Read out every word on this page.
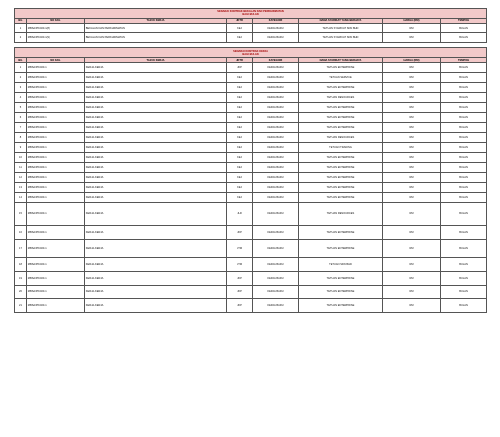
SENARAI KONTRAK BEKALAN DAN PERKHIDMATAN
BAGI BULAN							
BIL	NO FAIL	TAJUK KERJA	JKTR	KATEGORI	NAMA SYARIKAT YANG BERJAYA	HARGA (RM)	TEMPOH
1	MBSA/PK/400-1(8)	BEKALAN DAN PERKHIDMATAN	KEJ	KERJA BARU	TETUAN SYARIKAT SDN BHD	RM	BULAN
2	MBSA/PK/400-1(9)	BEKALAN DAN PERKHIDMATAN	KEJ	KERJA BARU	TETUAN SYARIKAT SDN BHD	RM	BULAN
SENARAI KONTRAK KERJA
BAGI BULAN							
BIL	NO FAIL	TAJUK KERJA	JKTR	KATEGORI	NAMA SYARIKAT YANG BERJAYA	HARGA (RM)	TEMPOH
1	MBSA/PK/400-1	KERJA-KERJA	JKP	KERJA BARU	TETUAN ENTERPRISE	RM	BULAN
2	MBSA/PK/400-1	KERJA-KERJA	KEJ	KERJA BARU	TETUAN SERVICE	RM	BULAN
3	MBSA/PK/400-1	KERJA-KERJA	KEJ	KERJA BARU	TETUAN ENTERPRISE	RM	BULAN
4	MBSA/PK/400-1	KERJA-KERJA	KEJ	KERJA BARU	TETUAN RESOURCES	RM	BULAN
5	MBSA/PK/400-1	KERJA-KERJA	KEJ	KERJA BARU	TETUAN ENTERPRISE	RM	BULAN
6	MBSA/PK/400-1	KERJA-KERJA	KEJ	KERJA BARU	TETUAN ENTERPRISE	RM	BULAN
7	MBSA/PK/400-1	KERJA-KERJA	KEJ	KERJA BARU	TETUAN ENTERPRISE	RM	BULAN
8	MBSA/PK/400-1	KERJA-KERJA	KEJ	KERJA BARU	TETUAN RESOURCES	RM	BULAN
9	MBSA/PK/400-1	KERJA-KERJA	KEJ	KERJA BARU	TETUAN TRADING	RM	BULAN
10	MBSA/PK/400-1	KERJA-KERJA	KEJ	KERJA BARU	TETUAN ENTERPRISE	RM	BULAN
11	MBSA/PK/400-1	KERJA-KERJA	KEJ	KERJA BARU	TETUAN ENTERPRISE	RM	BULAN
12	MBSA/PK/400-1	KERJA-KERJA	KEJ	KERJA BARU	TETUAN ENTERPRISE	RM	BULAN
13	MBSA/PK/400-1	KERJA-KERJA	KEJ	KERJA BARU	TETUAN ENTERPRISE	RM	BULAN
14	MBSA/PK/400-1	KERJA-KERJA	KEJ	KERJA BARU	TETUAN ENTERPRISE	RM	BULAN
15	MBSA/PK/400-1	KERJA-KERJA	JLR	KERJA BARU	TETUAN RESOURCES	RM	BULAN
16	MBSA/PK/400-1	KERJA-KERJA	JKP	KERJA BARU	TETUAN ENTERPRISE	RM	BULAN
17	MBSA/PK/400-1	KERJA-KERJA	JTM	KERJA BARU	TETUAN ENTERPRISE	RM	BULAN
18	MBSA/PK/400-1	KERJA-KERJA	JTM	KERJA BARU	TETUAN SDN BHD	RM	BULAN
19	MBSA/PK/400-1	KERJA-KERJA	JKP	KERJA BARU	TETUAN ENTERPRISE	RM	BULAN
20	MBSA/PK/400-1	KERJA-KERJA	JKP	KERJA BARU	TETUAN ENTERPRISE	RM	BULAN
21	MBSA/PK/400-1	KERJA-KERJA	JKP	KERJA BARU	TETUAN ENTERPRISE	RM	BULAN
